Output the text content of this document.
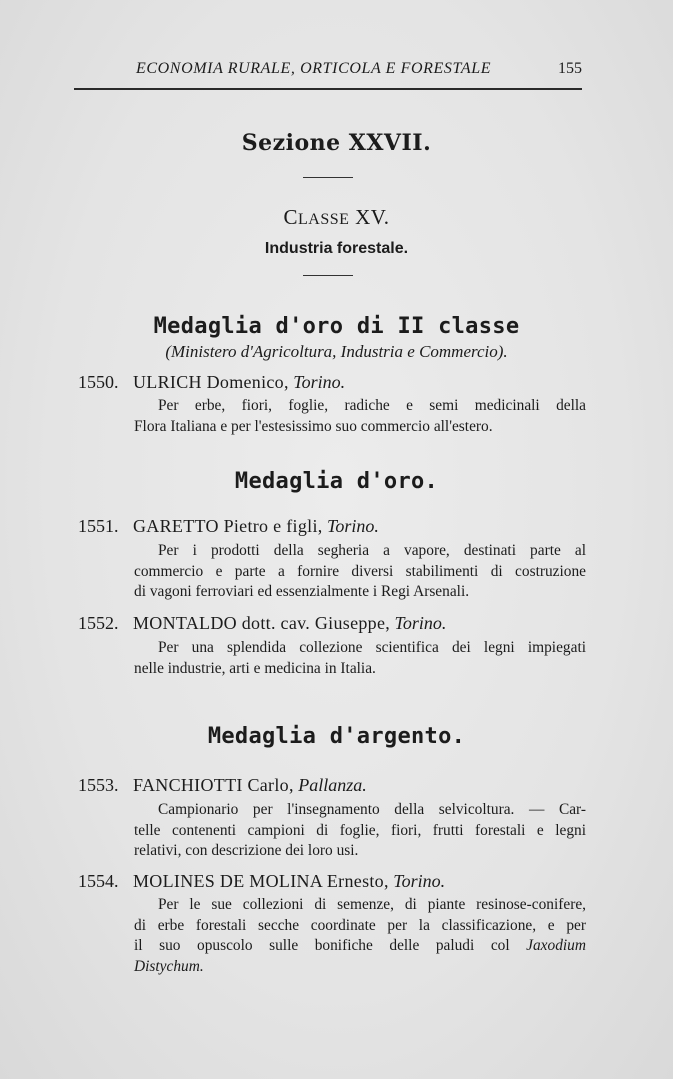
ECONOMIA RURALE, ORTICOLA E FORESTALE	155
Sezione XXVII.
CLASSE XV.
Industria forestale.
Medaglia d'oro di II classe
(Ministero d'Agricoltura, Industria e Commercio).
1550. ULRICH Domenico, Torino.
Per erbe, fiori, foglie, radiche e semi medicinali della
Flora Italiana e per l'estesissimo suo commercio all'estero.
Medaglia d'oro.
1551. GARETTO Pietro e figli, Torino.
Per i prodotti della segheria a vapore, destinati parte al
commercio e parte a fornire diversi stabilimenti di costruzione
di vagoni ferroviari ed essenzialmente i Regi Arsenali.
1552. MONTALDO dott. cav. Giuseppe, Torino.
Per una splendida collezione scientifica dei legni impiegati
nelle industrie, arti e medicina in Italia.
Medaglia d'argento.
1553. FANCHIOTTI Carlo, Pallanza.
Campionario per l'insegnamento della selvicoltura. — Car-
telle contenenti campioni di foglie, fiori, frutti forestali e legni
relativi, con descrizione dei loro usi.
1554. MOLINES DE MOLINA Ernesto, Torino.
Per le sue collezioni di semenze, di piante resinose-conifere,
di erbe forestali secche coordinate per la classificazione, e per
il suo opuscolo sulle bonifiche delle paludi col Jaxodium
Distychum.
